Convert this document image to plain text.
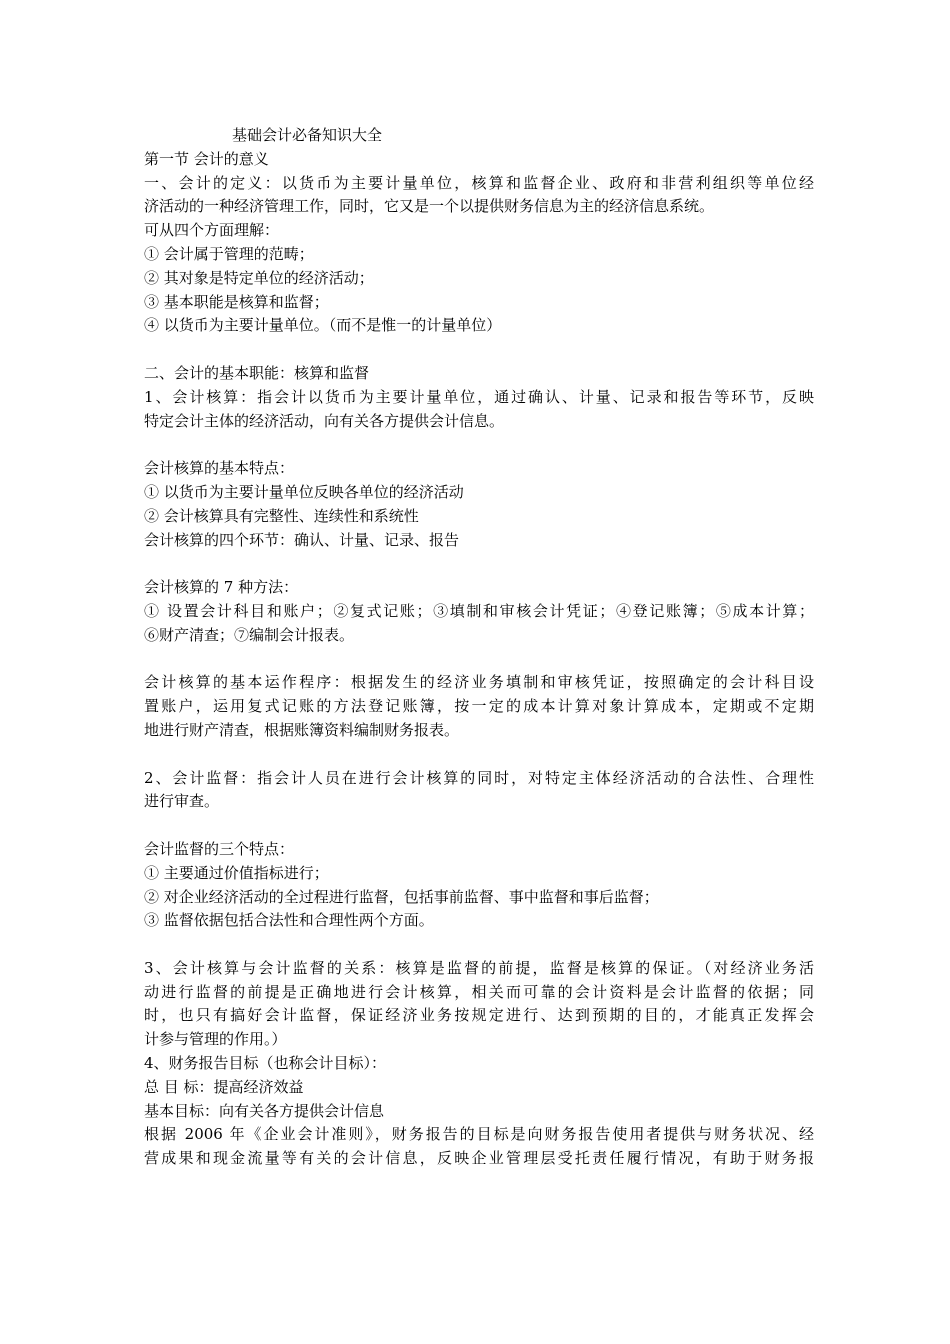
基础会计必备知识大全
第一节 会计的意义
一、会计的定义：以货币为主要计量单位，核算和监督企业、政府和非营利组织等单位经
济活动的一种经济管理工作，同时，它又是一个以提供财务信息为主的经济信息系统。
可从四个方面理解：
① 会计属于管理的范畴；
② 其对象是特定单位的经济活动；
③ 基本职能是核算和监督；
④ 以货币为主要计量单位。（而不是惟一的计量单位）
二、会计的基本职能：核算和监督
1、会计核算：指会计以货币为主要计量单位，通过确认、计量、记录和报告等环节，反映
特定会计主体的经济活动，向有关各方提供会计信息。
会计核算的基本特点：
① 以货币为主要计量单位反映各单位的经济活动
② 会计核算具有完整性、连续性和系统性
会计核算的四个环节：确认、计量、记录、报告
会计核算的 7 种方法：
① 设置会计科目和账户；②复式记账；③填制和审核会计凭证；④登记账簿；⑤成本计算；
⑥财产清查；⑦编制会计报表。
会计核算的基本运作程序：根据发生的经济业务填制和审核凭证，按照确定的会计科目设
置账户，运用复式记账的方法登记账簿，按一定的成本计算对象计算成本，定期或不定期
地进行财产清查，根据账簿资料编制财务报表。
2、会计监督：指会计人员在进行会计核算的同时，对特定主体经济活动的合法性、合理性
进行审查。
会计监督的三个特点：
① 主要通过价值指标进行；
② 对企业经济活动的全过程进行监督，包括事前监督、事中监督和事后监督；
③ 监督依据包括合法性和合理性两个方面。
3、会计核算与会计监督的关系：核算是监督的前提，监督是核算的保证。（对经济业务活
动进行监督的前提是正确地进行会计核算，相关而可靠的会计资料是会计监督的依据；同
时，也只有搞好会计监督，保证经济业务按规定进行、达到预期的目的，才能真正发挥会
计参与管理的作用。）
4、财务报告目标（也称会计目标）：
总 目 标：提高经济效益
基本目标：向有关各方提供会计信息
根据 2006 年《企业会计准则》，财务报告的目标是向财务报告使用者提供与财务状况、经
营成果和现金流量等有关的会计信息，反映企业管理层受托责任履行情况，有助于财务报
